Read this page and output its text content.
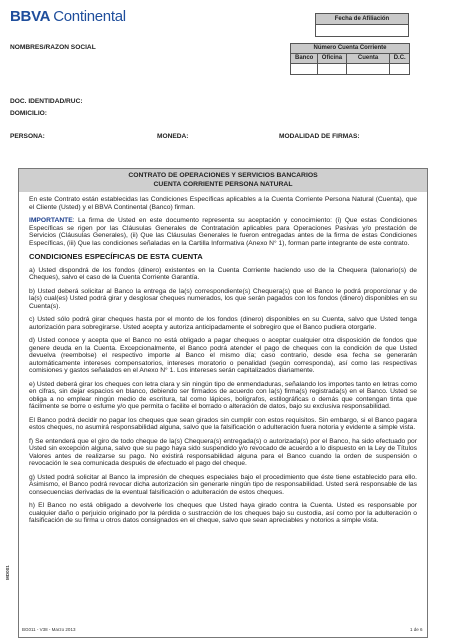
BBVA Continental	Fecha de Afiliación
Número Cuenta Corriente
Banco	Oficina	Cuenta	D.C.
NOMBRES/RAZON SOCIAL
DOC. IDENTIDAD/RUC:
DOMICILIO:
PERSONA:	MONEDA:	MODALIDAD DE FIRMAS:
CONTRATO DE OPERACIONES Y SERVICIOS BANCARIOS
CUENTA CORRIENTE PERSONA NATURAL

En este Contrato están establecidas las Condiciones Específicas aplicables a la Cuenta Corriente Persona Natural (Cuenta), que el Cliente (Usted) y el BBVA Continental (Banco) firman.

IMPORTANTE: La firma de Usted en este documento representa su aceptación y conocimiento: (i) Que estas Condiciones Específicas se rigen por las Cláusulas Generales de Contratación aplicables para Operaciones Pasivas y/o prestación de Servicios (Cláusulas Generales), (ii) Que las Cláusulas Generales le fueron entregadas antes de la firma de estas Condiciones Específicas, (iii) Que las condiciones señaladas en la Cartilla Informativa (Anexo N° 1), forman parte integrante de este contrato.

CONDICIONES ESPECÍFICAS DE ESTA CUENTA

a) Usted dispondrá de los fondos (dinero) existentes en la Cuenta Corriente haciendo uso de la Chequera (talonario(s) de Cheques), salvo el caso de la Cuenta Corriente Garantía.

b) Usted deberá solicitar al Banco la entrega de la(s) correspondiente(s) Chequera(s) que el Banco le podrá proporcionar y de la(s) cual(es) Usted podrá girar y desglosar cheques numerados, los que serán pagados con los fondos (dinero) disponibles en su Cuenta(s).

c) Usted sólo podrá girar cheques hasta por el monto de los fondos (dinero) disponibles en su Cuenta, salvo que Usted tenga autorización para sobregirarse. Usted acepta y autoriza anticipadamente el sobregiro que el Banco pudiera otorgarle.

d) Usted conoce y acepta que el Banco no está obligado a pagar cheques o aceptar cualquier otra disposición de fondos que genere deuda en la Cuenta. Excepcionalmente, el Banco podrá atender el pago de cheques con la condición de que Usted devuelva (reembolse) el respectivo importe al Banco el mismo día; caso contrario, desde esa fecha se generarán automáticamente intereses compensatorios, intereses moratorio o penalidad (según corresponda), así como las respectivas comisiones y gastos señalados en el Anexo N° 1. Los intereses serán capitalizados diariamente.

e) Usted deberá girar los cheques con letra clara y sin ningún tipo de enmendaduras, señalando los importes tanto en letras como en cifras, sin dejar espacios en blanco, debiendo ser firmados de acuerdo con la(s) firma(s) registrada(s) en el Banco. Usted se obliga a no emplear ningún medio de escritura, tal como lápices, bolígrafos, estilográficas o demás que contengan tinta que fácilmente se borre o esfume y/o que permita o facilite el borrado o alteración de datos, bajo su exclusiva responsabilidad.

El Banco podrá decidir no pagar los cheques que sean girados sin cumplir con estos requisitos. Sin embargo, si el Banco pagara estos cheques, no asumirá responsabilidad alguna, salvo que la falsificación o adulteración fuera notoria y evidente a simple vista.

f) Se entenderá que el giro de todo cheque de la(s) Chequera(s) entregada(s) o autorizada(s) por el Banco, ha sido efectuado por Usted sin excepción alguna, salvo que su pago haya sido suspendido y/o revocado de acuerdo a lo dispuesto en la Ley de Títulos Valores antes de realizarse su pago. No existirá responsabilidad alguna para el Banco cuando la orden de suspensión o revocación le sea comunicada después de efectuado el pago del cheque.

g) Usted podrá solicitar al Banco la impresión de cheques especiales bajo el procedimiento que éste tiene establecido para ello. Asimismo, el Banco podrá revocar dicha autorización sin generarle ningún tipo de responsabilidad. Usted será responsable de las consecuencias derivadas de la eventual falsificación o adulteración de estos cheques.

h) El Banco no está obligado a devolverle los cheques que Usted haya girado contra la Cuenta. Usted es responsable por cualquier daño o perjuicio originado por la pérdida o sustracción de los cheques bajo su custodia, así como por la adulteración o falsificación de su firma u otros datos consignados en el cheque, salvo que sean apreciables y notorios a simple vista.

MD001
BG011 - V38 - Marzo 2013	1 de 6
